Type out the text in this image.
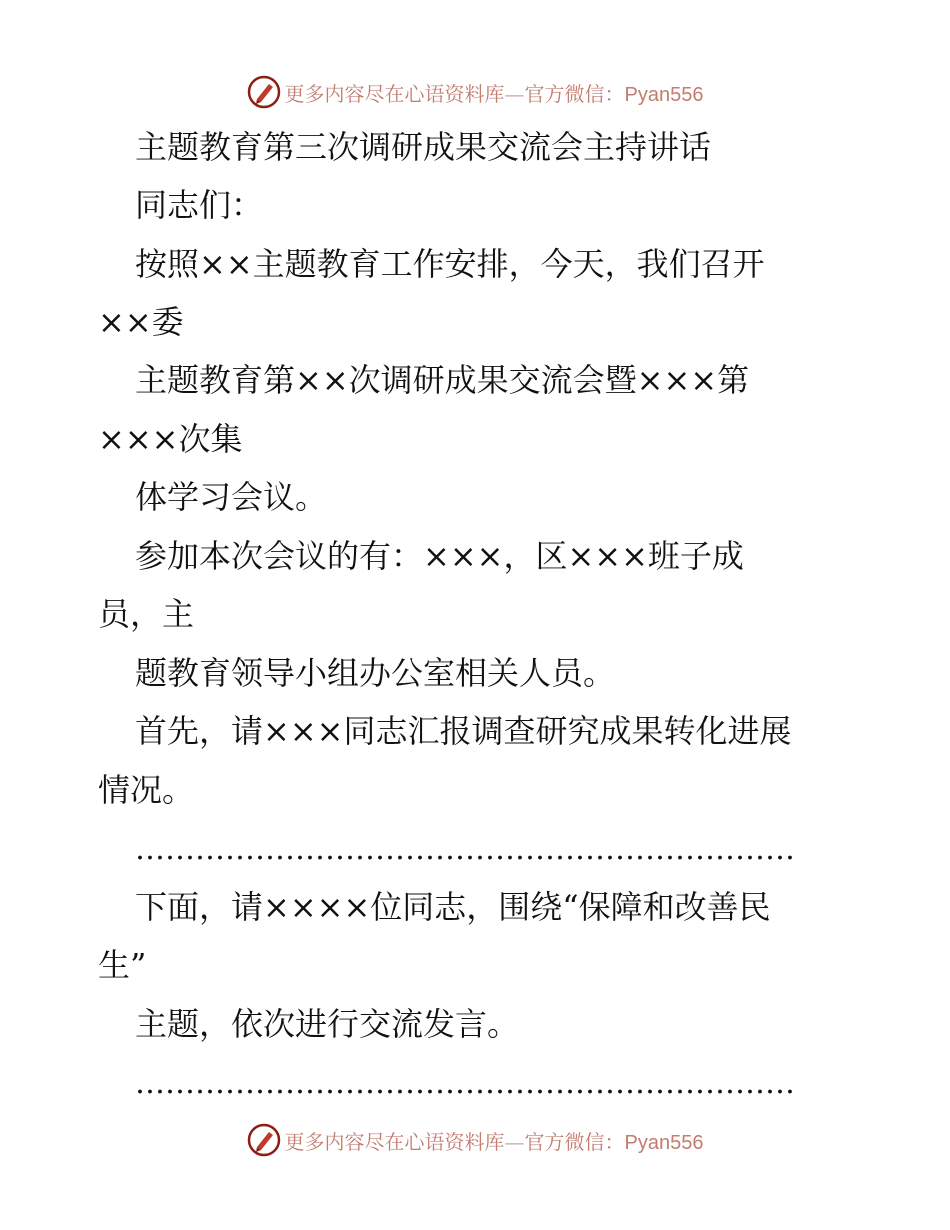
更多内容尽在心语资料库—官方微信：Pyan556
主题教育第三次调研成果交流会主持讲话
同志们：
按照××主题教育工作安排，今天，我们召开
××委
主题教育第××次调研成果交流会暨×××第
×××次集
体学习会议。
参加本次会议的有：×××，区×××班子成
员，主
题教育领导小组办公室相关人员。
首先，请×××同志汇报调查研究成果转化进展
情况。
…………………………………………………………
下面，请××××位同志，围绕“保障和改善民
生”
主题，依次进行交流发言。
…………………………………………………………
更多内容尽在心语资料库—官方微信：Pyan556
